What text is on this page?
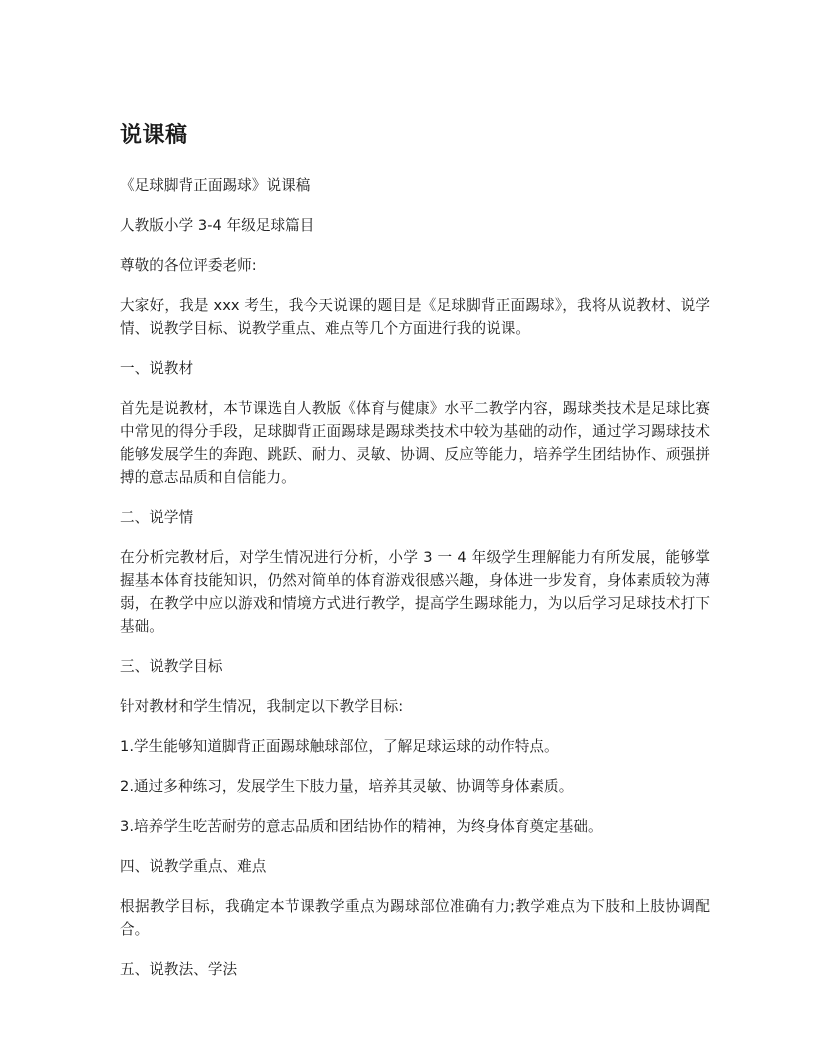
说课稿

《足球脚背正面踢球》说课稿

人教版小学 3-4 年级足球篇目

尊敬的各位评委老师:

大家好，我是 xxx 考生，我今天说课的题目是《足球脚背正面踢球》，我将从说教材、说学情、说教学目标、说教学重点、难点等几个方面进行我的说课。

一、说教材

首先是说教材，本节课选自人教版《体育与健康》水平二教学内容，踢球类技术是足球比赛中常见的得分手段，足球脚背正面踢球是踢球类技术中较为基础的动作，通过学习踢球技术能够发展学生的奔跑、跳跃、耐力、灵敏、协调、反应等能力，培养学生团结协作、顽强拼搏的意志品质和自信能力。

二、说学情

在分析完教材后，对学生情况进行分析，小学 3 一 4 年级学生理解能力有所发展，能够掌握基本体育技能知识，仍然对简单的体育游戏很感兴趣，身体进一步发育，身体素质较为薄弱，在教学中应以游戏和情境方式进行教学，提高学生踢球能力，为以后学习足球技术打下基础。

三、说教学目标

针对教材和学生情况，我制定以下教学目标:

1.学生能够知道脚背正面踢球触球部位，了解足球运球的动作特点。

2.通过多种练习，发展学生下肢力量，培养其灵敏、协调等身体素质。

3.培养学生吃苦耐劳的意志品质和团结协作的精神，为终身体育奠定基础。

四、说教学重点、难点

根据教学目标，我确定本节课教学重点为踢球部位准确有力;教学难点为下肢和上肢协调配合。

五、说教法、学法
